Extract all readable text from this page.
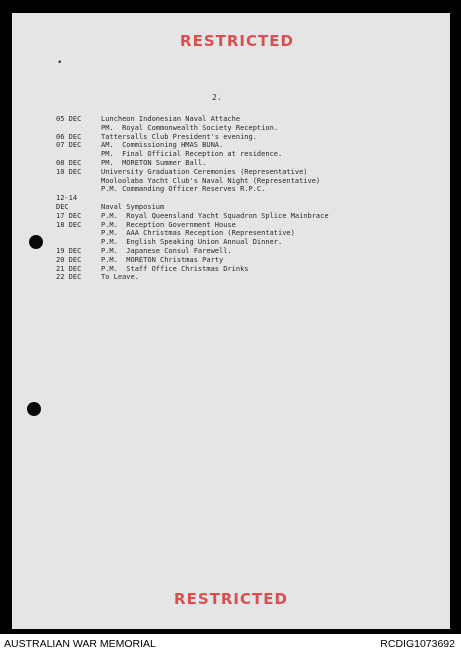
RESTRICTED
2.
05 DEC	Luncheon Indonesian Naval Attache
PM.  Royal Commonwealth Society Reception.
06 DEC	Tattersalls Club President's evening.
07 DEC	AM.  Commissioning HMAS BUNA.
PM.  Final Official Reception at residence.
08 DEC	PM.  MORETON Summer Ball.
10 DEC	University Graduation Ceremonies (Representative)
Mooloolaba Yacht Club's Naval Night (Representative)
P.M. Commanding Officer Reserves R.P.C.
12-14
DEC	Naval Symposium
17 DEC	P.M.  Royal Queensland Yacht Squadron Splice Mainbrace
18 DEC	P.M.  Reception Government House
P.M.  AAA Christmas Reception (Representative)
P.M.  English Speaking Union Annual Dinner.
19 DEC	P.M.  Japanese Consul Farewell.
20 DEC	P.M.  MORETON Christmas Party
21 DEC	P.M.  Staff Office Christmas Drinks
22 DEC	To Leave.
RESTRICTED
•
AUSTRALIAN WAR MEMORIAL	RCDIG1073692
